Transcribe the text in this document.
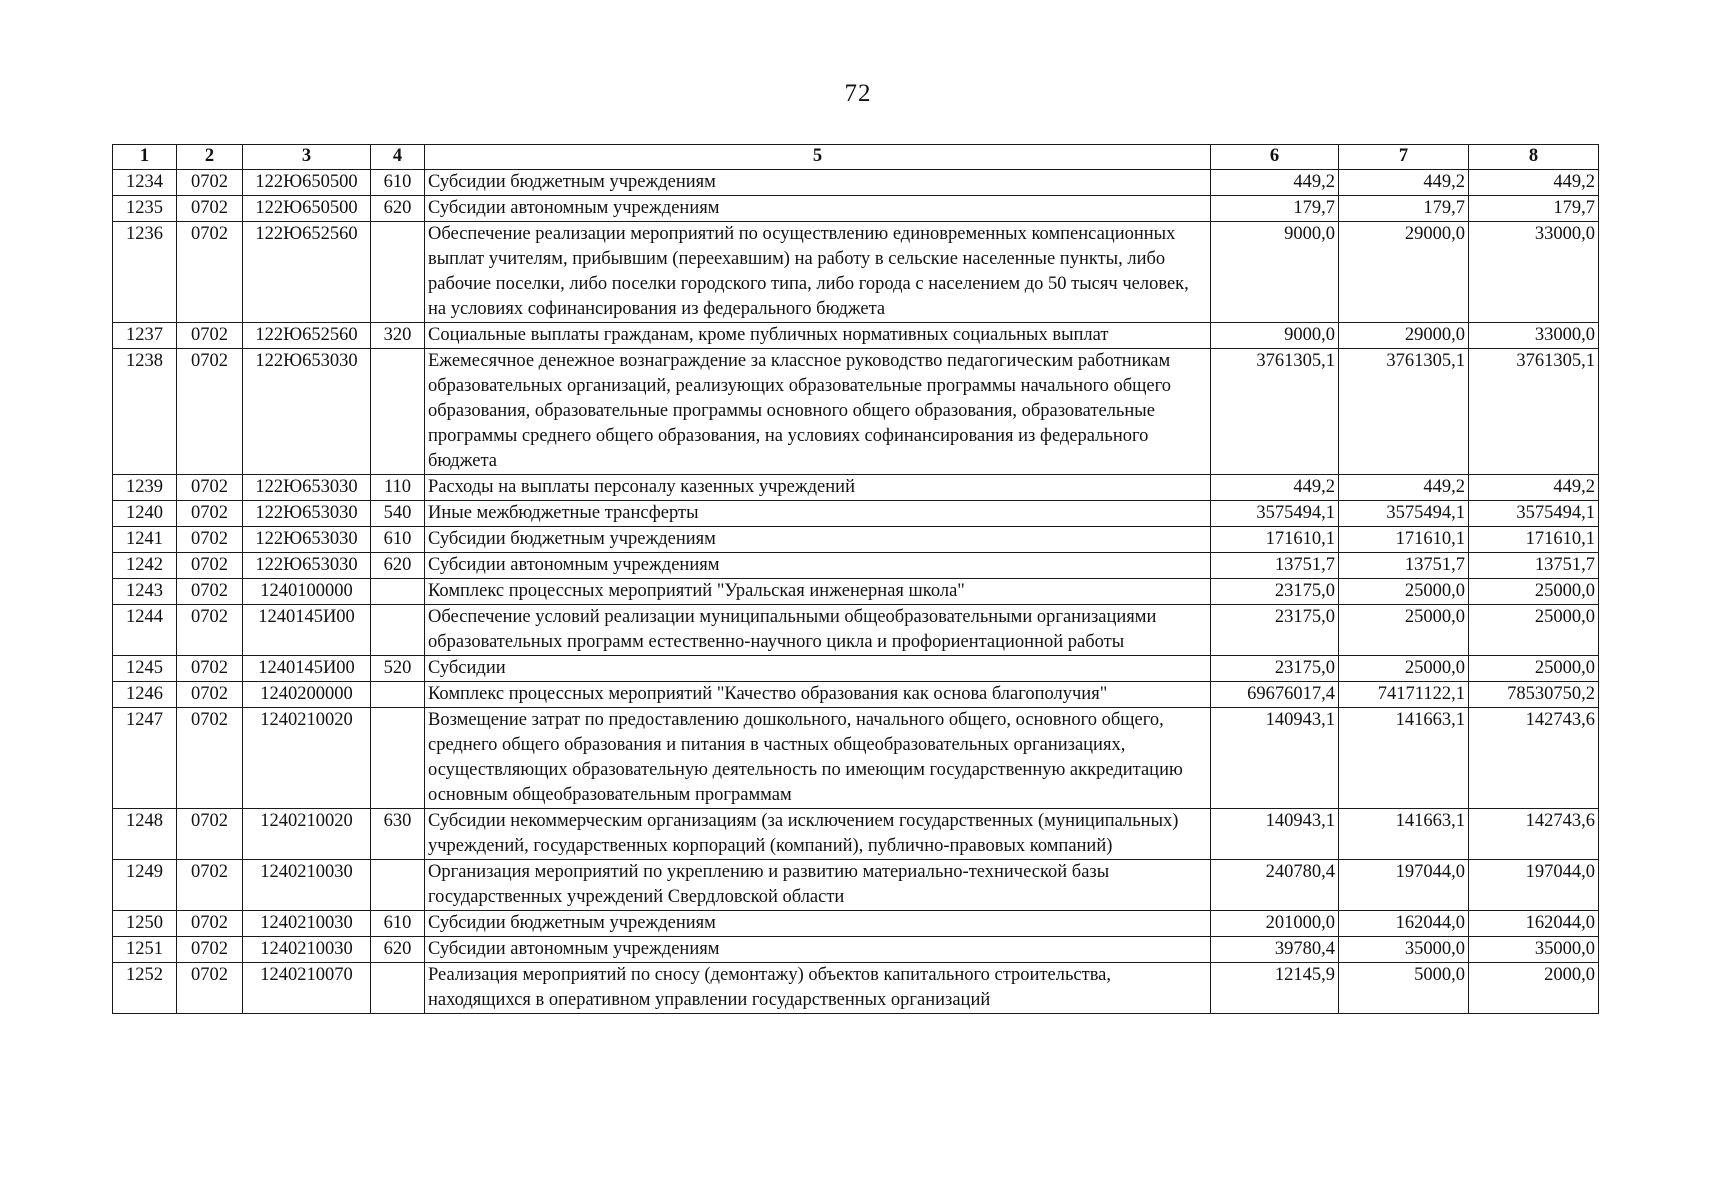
72
1	2	3	4	5	6	7	8
1234	0702	122Ю650500	610	Субсидии бюджетным учреждениям	449,2	449,2	449,2
1235	0702	122Ю650500	620	Субсидии автономным учреждениям	179,7	179,7	179,7
1236	0702	122Ю652560		Обеспечение реализации мероприятий по осуществлению единовременных компенсационных выплат учителям, прибывшим (переехавшим) на работу в сельские населенные пункты, либо рабочие поселки, либо поселки городского типа, либо города с населением до 50 тысяч человек, на условиях софинансирования из федерального бюджета	9000,0	29000,0	33000,0
1237	0702	122Ю652560	320	Социальные выплаты гражданам, кроме публичных нормативных социальных выплат	9000,0	29000,0	33000,0
1238	0702	122Ю653030		Ежемесячное денежное вознаграждение за классное руководство педагогическим работникам образовательных организаций, реализующих образовательные программы начального общего образования, образовательные программы основного общего образования, образовательные программы среднего общего образования, на условиях софинансирования из федерального бюджета	3761305,1	3761305,1	3761305,1
1239	0702	122Ю653030	110	Расходы на выплаты персоналу казенных учреждений	449,2	449,2	449,2
1240	0702	122Ю653030	540	Иные межбюджетные трансферты	3575494,1	3575494,1	3575494,1
1241	0702	122Ю653030	610	Субсидии бюджетным учреждениям	171610,1	171610,1	171610,1
1242	0702	122Ю653030	620	Субсидии автономным учреждениям	13751,7	13751,7	13751,7
1243	0702	1240100000		Комплекс процессных мероприятий "Уральская инженерная школа"	23175,0	25000,0	25000,0
1244	0702	1240145И00		Обеспечение условий реализации муниципальными общеобразовательными организациями образовательных программ естественно-научного цикла и профориентационной работы	23175,0	25000,0	25000,0
1245	0702	1240145И00	520	Субсидии	23175,0	25000,0	25000,0
1246	0702	1240200000		Комплекс процессных мероприятий "Качество образования как основа благополучия"	69676017,4	74171122,1	78530750,2
1247	0702	1240210020		Возмещение затрат по предоставлению дошкольного, начального общего, основного общего, среднего общего образования и питания в частных общеобразовательных организациях, осуществляющих образовательную деятельность по имеющим государственную аккредитацию основным общеобразовательным программам	140943,1	141663,1	142743,6
1248	0702	1240210020	630	Субсидии некоммерческим организациям (за исключением государственных (муниципальных) учреждений, государственных корпораций (компаний), публично-правовых компаний)	140943,1	141663,1	142743,6
1249	0702	1240210030		Организация мероприятий по укреплению и развитию материально-технической базы государственных учреждений Свердловской области	240780,4	197044,0	197044,0
1250	0702	1240210030	610	Субсидии бюджетным учреждениям	201000,0	162044,0	162044,0
1251	0702	1240210030	620	Субсидии автономным учреждениям	39780,4	35000,0	35000,0
1252	0702	1240210070		Реализация мероприятий по сносу (демонтажу) объектов капитального строительства, находящихся в оперативном управлении государственных организаций	12145,9	5000,0	2000,0
